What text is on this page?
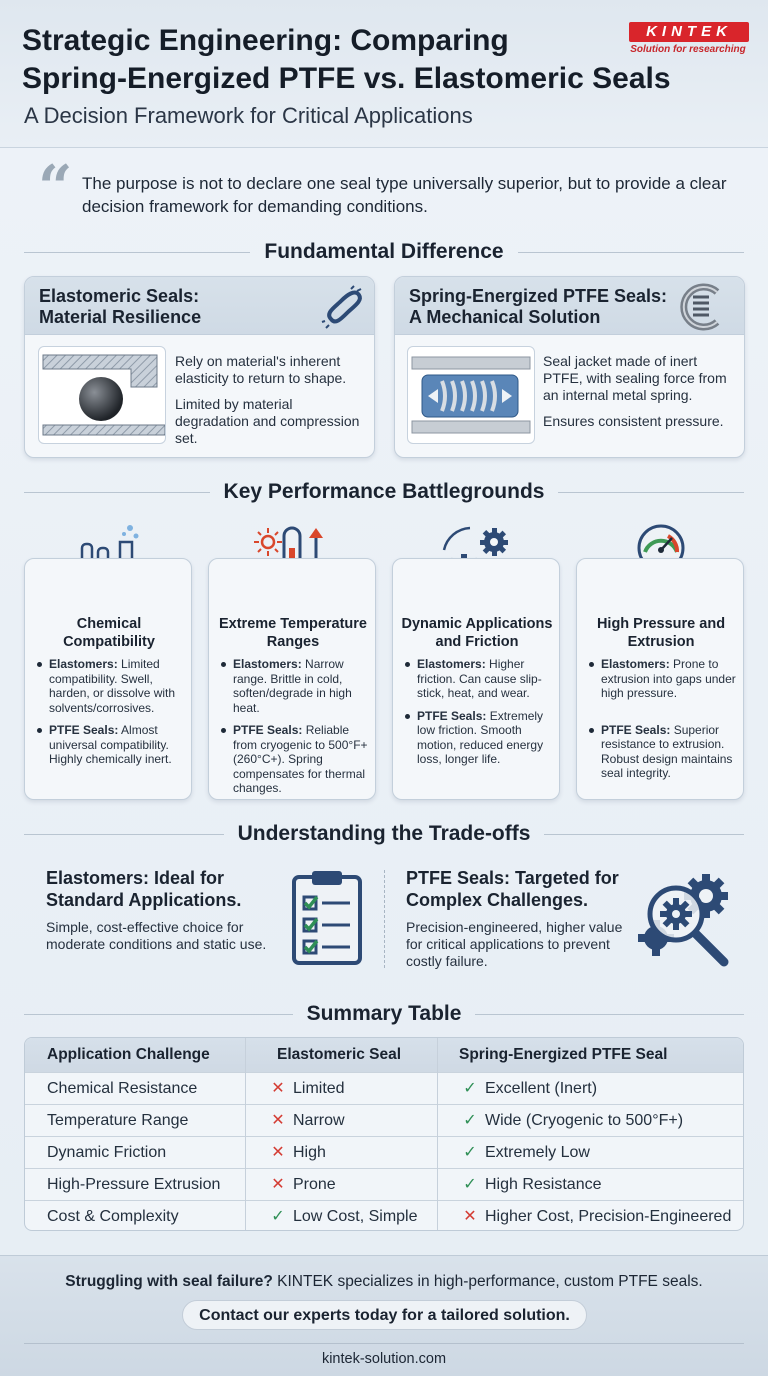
Strategic Engineering: Comparing
Spring-Energized PTFE vs. Elastomeric Seals
A Decision Framework for Critical Applications
KINTEK
Solution for researching
“ The purpose is not to declare one seal type universally superior, but to provide a clear decision framework for demanding conditions.
Fundamental Difference
Elastomeric Seals:
Material Resilience

Rely on material's inherent elasticity to return to shape.

Limited by material degradation and compression set.

Spring-Energized PTFE Seals:
A Mechanical Solution

Seal jacket made of inert PTFE, with sealing force from an internal metal spring.

Ensures consistent pressure.

Key Performance Battlegrounds
Chemical Compatibility
Elastomers: Limited compatibility. Swell, harden, or dissolve with solvents/corrosives.
PTFE Seals: Almost universal compatibility. Highly chemically inert.
Extreme Temperature Ranges
Elastomers: Narrow range. Brittle in cold, soften/degrade in high heat.
PTFE Seals: Reliable from cryogenic to 500°F+ (260°C+). Spring compensates for thermal changes.
Dynamic Applications and Friction
Elastomers: Higher friction. Can cause slip-stick, heat, and wear.
PTFE Seals: Extremely low friction. Smooth motion, reduced energy loss, longer life.
High Pressure and Extrusion
Elastomers: Prone to extrusion into gaps under high pressure.
PTFE Seals: Superior resistance to extrusion. Robust design maintains seal integrity.
Understanding the Trade-offs
Elastomers: Ideal for
Standard Applications.
Simple, cost-effective choice for moderate conditions and static use.
PTFE Seals: Targeted for
Complex Challenges.
Precision-engineered, higher value for critical applications to prevent costly failure.
Summary Table
Application Challenge	Elastomeric Seal	Spring-Energized PTFE Seal
Chemical Resistance	✕ Limited	✓ Excellent (Inert)
Temperature Range	✕ Narrow	✓ Wide (Cryogenic to 500°F+)
Dynamic Friction	✕ High	✓ Extremely Low
High-Pressure Extrusion	✕ Prone	✓ High Resistance
Cost & Complexity	✓ Low Cost, Simple	✕ Higher Cost, Precision-Engineered
Struggling with seal failure? KINTEK specializes in high-performance, custom PTFE seals.
Contact our experts today for a tailored solution.
kintek-solution.com
